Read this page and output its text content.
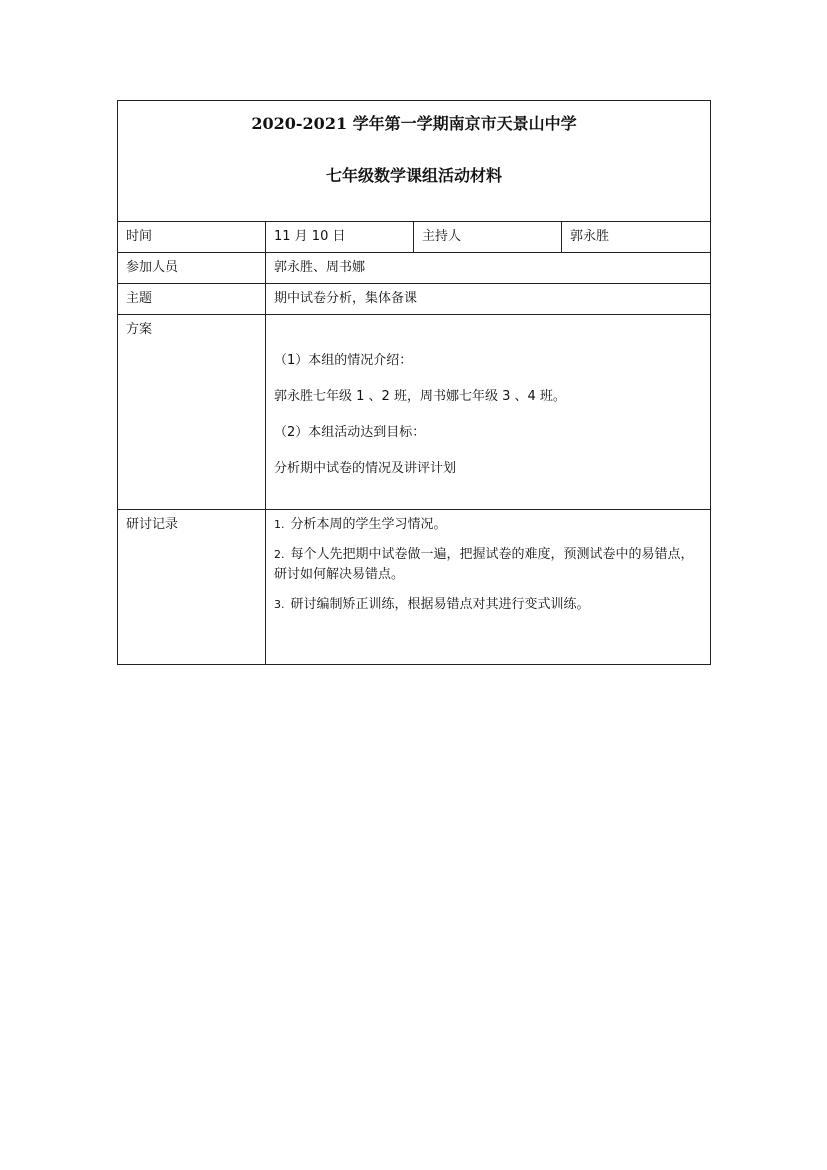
2020-2021 学年第一学期南京市天景山中学
七年级数学课组活动材料			

时间	11 月 10 日	主持人	郭永胜
参加人员	郭永胜、周书娜		
主题	期中试卷分析，集体备课		
方案	（1）本组的情况介绍：

郭永胜七年级 1 、2 班，周书娜七年级 3 、4 班。

（2）本组活动达到目标：

分析期中试卷的情况及讲评计划		

研讨记录	1. 分析本周的学生学习情况。

2. 每个人先把期中试卷做一遍，把握试卷的难度，预测试卷中的易错点，研讨如何解决易错点。

3. 研讨编制矫正训练，根据易错点对其进行变式训练。		
